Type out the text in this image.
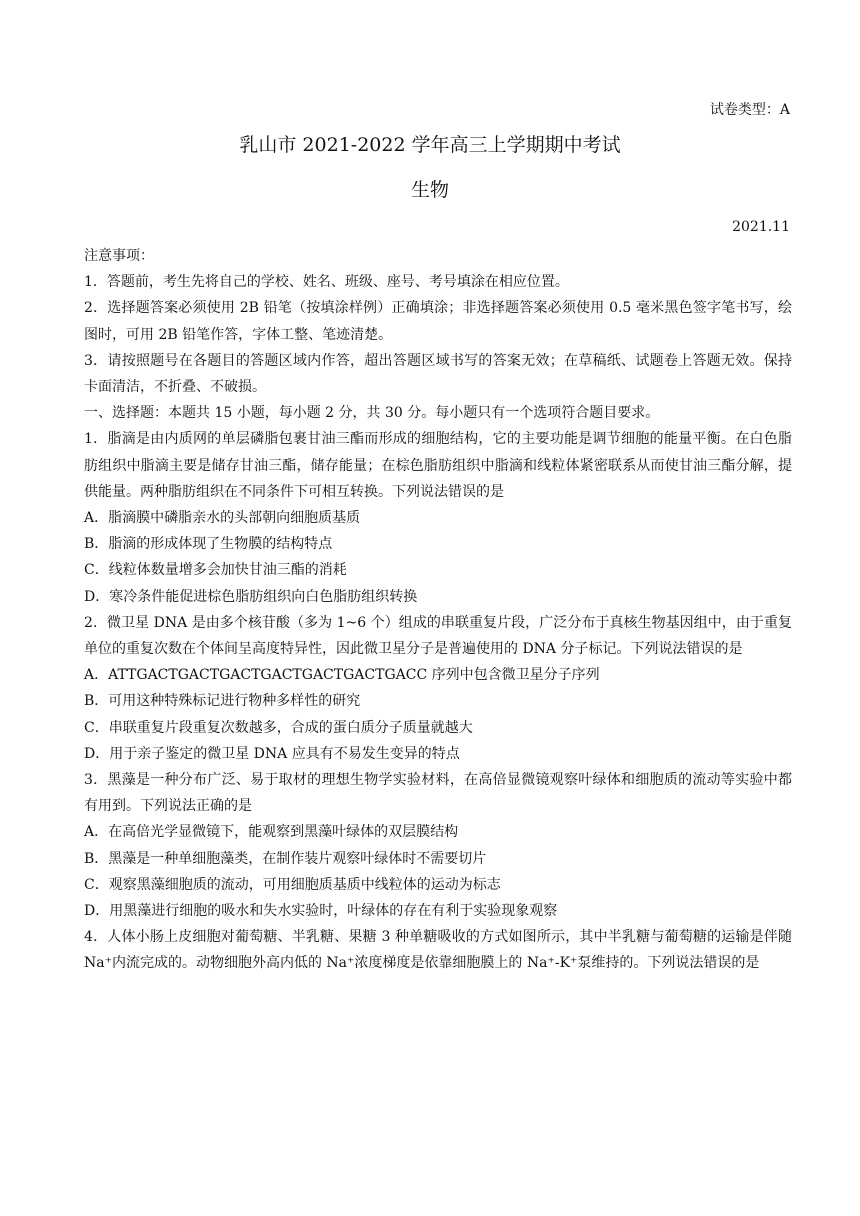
试卷类型：A
乳山市 2021-2022 学年高三上学期期中考试
生物
2021.11

注意事项：

1．答题前，考生先将自己的学校、姓名、班级、座号、考号填涂在相应位置。

2．选择题答案必须使用 2B 铅笔（按填涂样例）正确填涂；非选择题答案必须使用 0.5 毫米黑色签字笔书写，绘图时，可用 2B 铅笔作答，字体工整、笔迹清楚。

3．请按照题号在各题目的答题区域内作答，超出答题区域书写的答案无效；在草稿纸、试题卷上答题无效。保持卡面清洁，不折叠、不破损。

一、选择题：本题共 15 小题，每小题 2 分，共 30 分。每小题只有一个选项符合题目要求。

1．脂滴是由内质网的单层磷脂包裹甘油三酯而形成的细胞结构，它的主要功能是调节细胞的能量平衡。在白色脂肪组织中脂滴主要是储存甘油三酯，储存能量；在棕色脂肪组织中脂滴和线粒体紧密联系从而使甘油三酯分解，提供能量。两种脂肪组织在不同条件下可相互转换。下列说法错误的是

A．脂滴膜中磷脂亲水的头部朝向细胞质基质

B．脂滴的形成体现了生物膜的结构特点

C．线粒体数量增多会加快甘油三酯的消耗

D．寒冷条件能促进棕色脂肪组织向白色脂肪组织转换

2．微卫星 DNA 是由多个核苷酸（多为 1~6 个）组成的串联重复片段，广泛分布于真核生物基因组中，由于重复单位的重复次数在个体间呈高度特异性，因此微卫星分子是普遍使用的 DNA 分子标记。下列说法错误的是

A．ATTGACTGACTGACTGACTGACTGACTGACC 序列中包含微卫星分子序列

B．可用这种特殊标记进行物种多样性的研究

C．串联重复片段重复次数越多，合成的蛋白质分子质量就越大

D．用于亲子鉴定的微卫星 DNA 应具有不易发生变异的特点

3．黑藻是一种分布广泛、易于取材的理想生物学实验材料，在高倍显微镜观察叶绿体和细胞质的流动等实验中都有用到。下列说法正确的是

A．在高倍光学显微镜下，能观察到黑藻叶绿体的双层膜结构

B．黑藻是一种单细胞藻类，在制作装片观察叶绿体时不需要切片

C．观察黑藻细胞质的流动，可用细胞质基质中线粒体的运动为标志

D．用黑藻进行细胞的吸水和失水实验时，叶绿体的存在有利于实验现象观察

4．人体小肠上皮细胞对葡萄糖、半乳糖、果糖 3 种单糖吸收的方式如图所示，其中半乳糖与葡萄糖的运输是伴随 Na⁺内流完成的。动物细胞外高内低的 Na⁺浓度梯度是依靠细胞膜上的 Na⁺-K⁺泵维持的。下列说法错误的是
